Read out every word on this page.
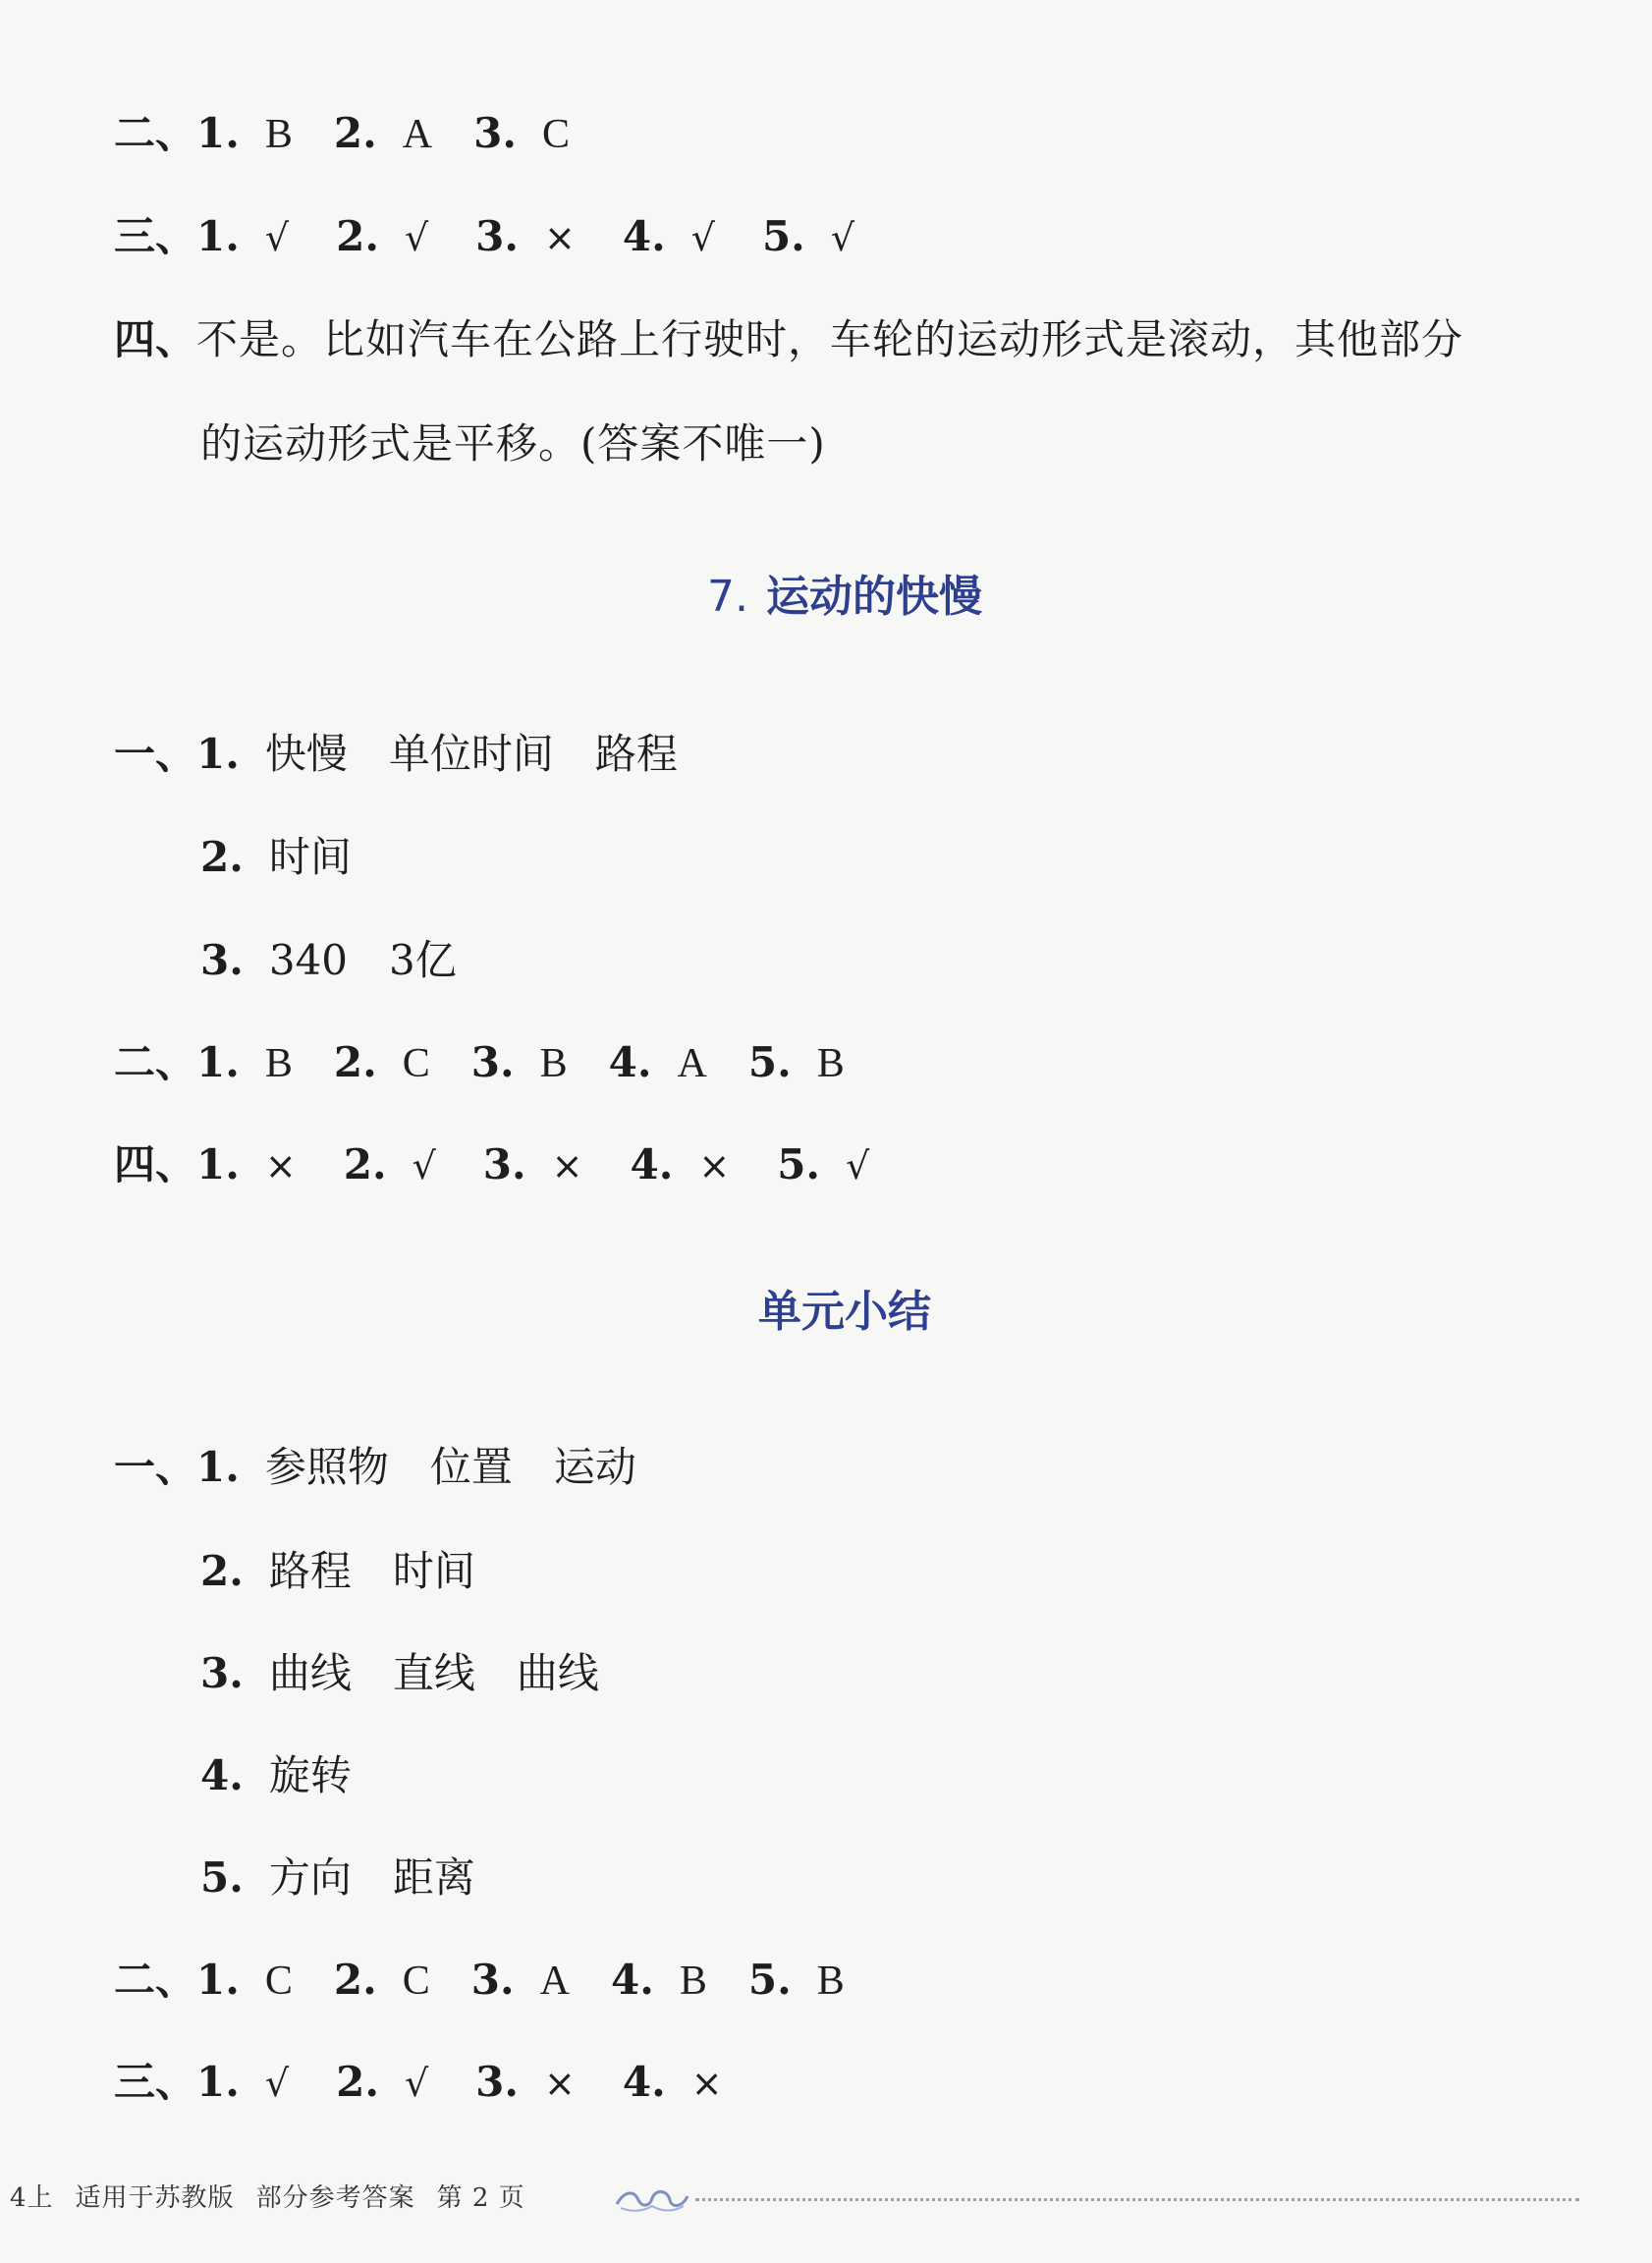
二、1. B 2. A 3. C
三、1. √ 2. √ 3. × 4. √ 5. √
四、不是。比如汽车在公路上行驶时，车轮的运动形式是滚动，其他部分
的运动形式是平移。(答案不唯一)
7. 运动的快慢
一、1. 快慢　单位时间　路程
2. 时间
3. 340　3亿
二、1. B 2. C 3. B 4. A 5. B
四、1. × 2. √ 3. × 4. × 5. √
单元小结
一、1. 参照物　位置　运动
2. 路程　时间
3. 曲线　直线　曲线
4. 旋转
5. 方向　距离
二、1. C 2. C 3. A 4. B 5. B
三、1. √ 2. √ 3. × 4. ×
4上 适用于苏教版 部分参考答案 第 2 页
